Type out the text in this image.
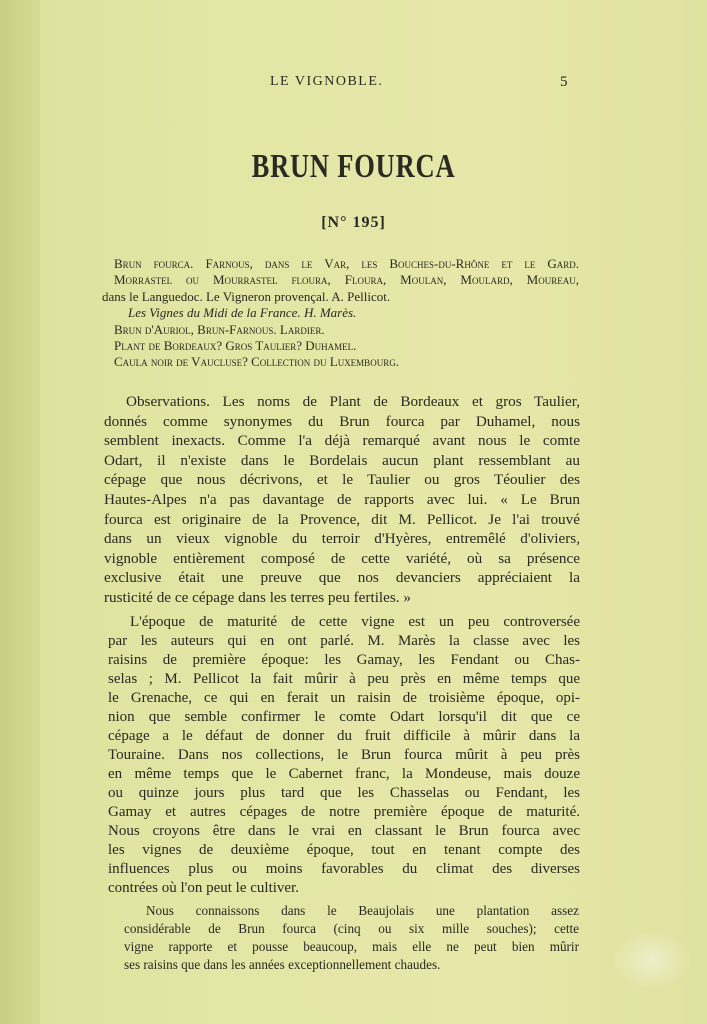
LE VIGNOBLE.	5
BRUN FOURCA
[N° 195]
Brun fourca. Farnous, dans le Var, les Bouches-du-Rhône et le Gard.
Morrastel ou Mourrastel floura, Floura, Moulan, Moulard, Moureau,
dans le Languedoc. Le Vigneron provençal. A. Pellicot.
Les Vignes du Midi de la France. H. Marès.
Brun d'Auriol, Brun-Farnous. Lardier.
Plant de Bordeaux? Gros Taulier? Duhamel.
Caula noir de Vaucluse? Collection du Luxembourg.
Observations. Les noms de Plant de Bordeaux et gros Taulier,
donnés comme synonymes du Brun fourca par Duhamel, nous
semblent inexacts. Comme l'a déjà remarqué avant nous le comte
Odart, il n'existe dans le Bordelais aucun plant ressemblant au
cépage que nous décrivons, et le Taulier ou gros Téoulier des
Hautes-Alpes n'a pas davantage de rapports avec lui. « Le Brun
fourca est originaire de la Provence, dit M. Pellicot. Je l'ai trouvé
dans un vieux vignoble du terroir d'Hyères, entremêlé d'oliviers,
vignoble entièrement composé de cette variété, où sa présence
exclusive était une preuve que nos devanciers appréciaient la
rusticité de ce cépage dans les terres peu fertiles. »
L'époque de maturité de cette vigne est un peu controversée
par les auteurs qui en ont parlé. M. Marès la classe avec les
raisins de première époque: les Gamay, les Fendant ou Chas-
selas ; M. Pellicot la fait mûrir à peu près en même temps que
le Grenache, ce qui en ferait un raisin de troisième époque, opi-
nion que semble confirmer le comte Odart lorsqu'il dit que ce
cépage a le défaut de donner du fruit difficile à mûrir dans la
Touraine. Dans nos collections, le Brun fourca mûrit à peu près
en même temps que le Cabernet franc, la Mondeuse, mais douze
ou quinze jours plus tard que les Chasselas ou Fendant, les
Gamay et autres cépages de notre première époque de maturité.
Nous croyons être dans le vrai en classant le Brun fourca avec
les vignes de deuxième époque, tout en tenant compte des
influences plus ou moins favorables du climat des diverses
contrées où l'on peut le cultiver.
Nous connaissons dans le Beaujolais une plantation assez
considérable de Brun fourca (cinq ou six mille souches); cette
vigne rapporte et pousse beaucoup, mais elle ne peut bien mûrir
ses raisins que dans les années exceptionnellement chaudes.
